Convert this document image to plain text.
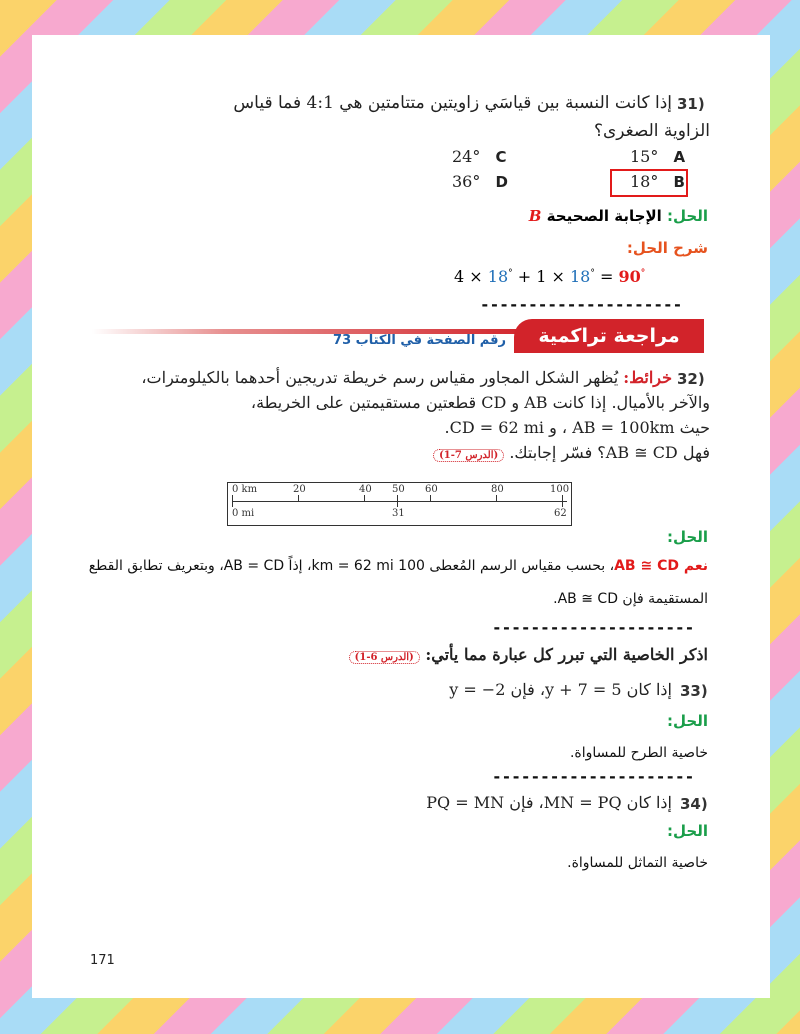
31)
إذا كانت النسبة بين قياسَي زاويتين متتامتين هي 4:1 فما قياس
الزاوية الصغرى؟
15° A
18° B
24° C
36° D
الحل: الإجابة الصحيحة B
شرح الحل:
4 × 18° + 1 × 18° = 90°
---------------------
رقم الصفحة في الكتاب 73	مراجعة تراكمية
32)
خرائط: يُظهر الشكل المجاور مقياس رسم خريطة تدريجين أحدهما بالكيلومترات،
والآخر بالأميال. إذا كانت AB و CD قطعتين مستقيمتين على الخريطة،
حيث AB = 100km ، و CD = 62 mi.
فهل AB ≅ CD؟ فسّر إجابتك. (الدرس 7-1)
0 km	20	40 50 60	80	100
0 mi	31	62
الحل:
نعم AB ≅ CD، بحسب مقياس الرسم المُعطى 100 km = 62 mi، إذاً AB = CD، وبتعريف تطابق القطع
المستقيمة فإن AB ≅ CD.
---------------------
اذكر الخاصية التي تبرر كل عبارة مما يأتي: (الدرس 6-1)
33)
إذا كان y + 7 = 5، فإن y = −2
الحل:
خاصية الطرح للمساواة.
---------------------
34)
إذا كان MN = PQ، فإن PQ = MN
الحل:
خاصية التماثل للمساواة.
171
